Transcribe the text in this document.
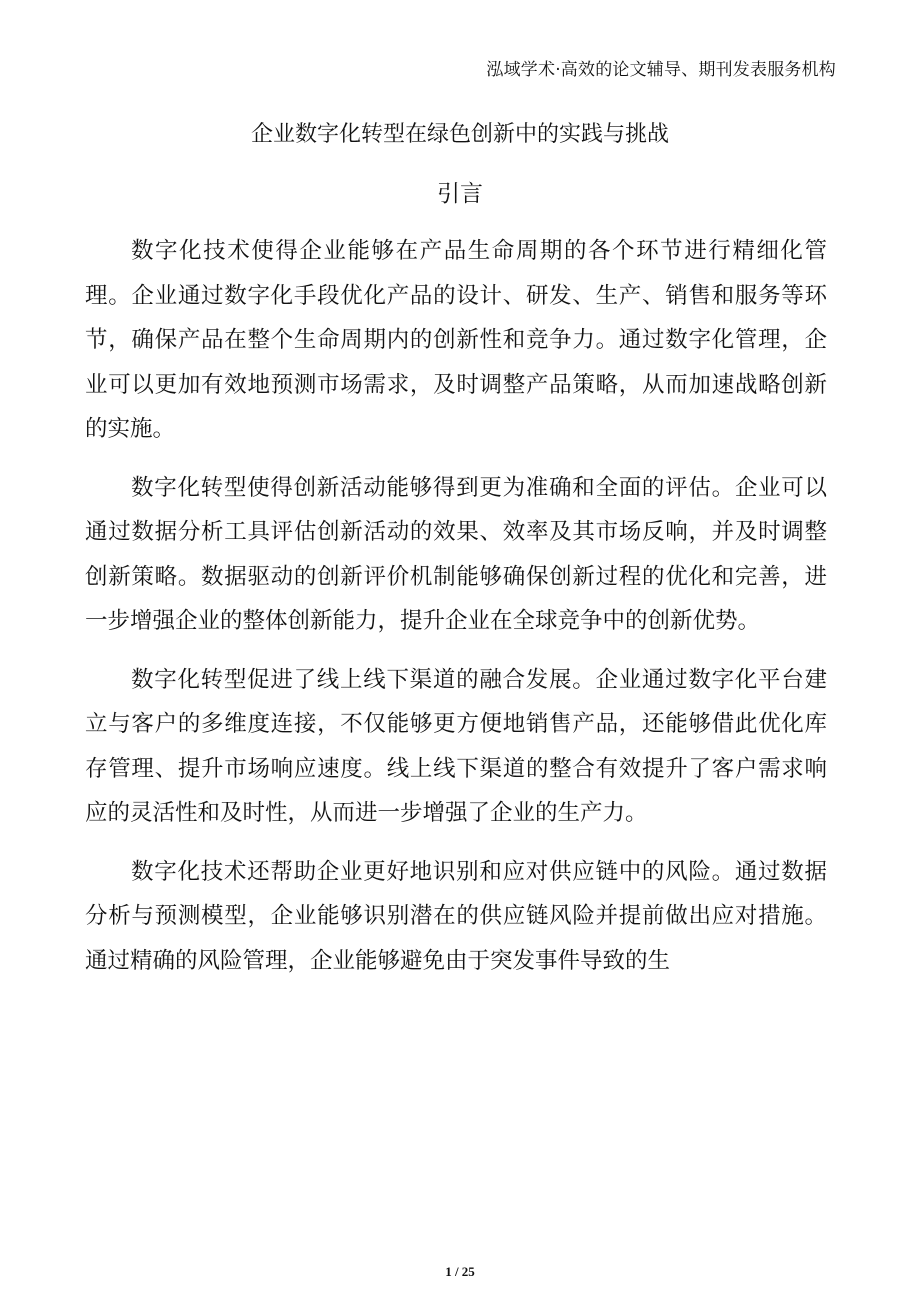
泓域学术·高效的论文辅导、期刊发表服务机构
企业数字化转型在绿色创新中的实践与挑战
引言

数字化技术使得企业能够在产品生命周期的各个环节进行精细化管理。企业通过数字化手段优化产品的设计、研发、生产、销售和服务等环节，确保产品在整个生命周期内的创新性和竞争力。通过数字化管理，企业可以更加有效地预测市场需求，及时调整产品策略，从而加速战略创新的实施。

数字化转型使得创新活动能够得到更为准确和全面的评估。企业可以通过数据分析工具评估创新活动的效果、效率及其市场反响，并及时调整创新策略。数据驱动的创新评价机制能够确保创新过程的优化和完善，进一步增强企业的整体创新能力，提升企业在全球竞争中的创新优势。

数字化转型促进了线上线下渠道的融合发展。企业通过数字化平台建立与客户的多维度连接，不仅能够更方便地销售产品，还能够借此优化库存管理、提升市场响应速度。线上线下渠道的整合有效提升了客户需求响应的灵活性和及时性，从而进一步增强了企业的生产力。

数字化技术还帮助企业更好地识别和应对供应链中的风险。通过数据分析与预测模型，企业能够识别潜在的供应链风险并提前做出应对措施。通过精确的风险管理，企业能够避免由于突发事件导致的生

1 / 25
